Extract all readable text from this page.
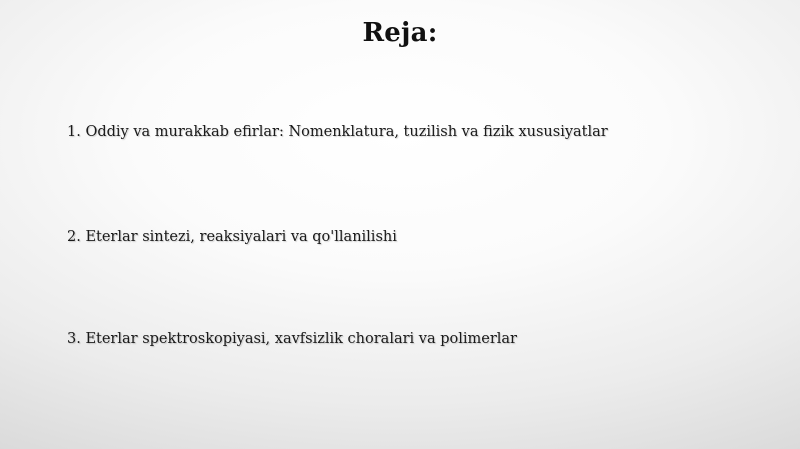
Reja:

1. Oddiy va murakkab efirlar: Nomenklatura, tuzilish va fizik xususiyatlar

2. Eterlar sintezi, reaksiyalari va qo'llanilishi

3. Eterlar spektroskopiyasi, xavfsizlik choralari va polimerlar
